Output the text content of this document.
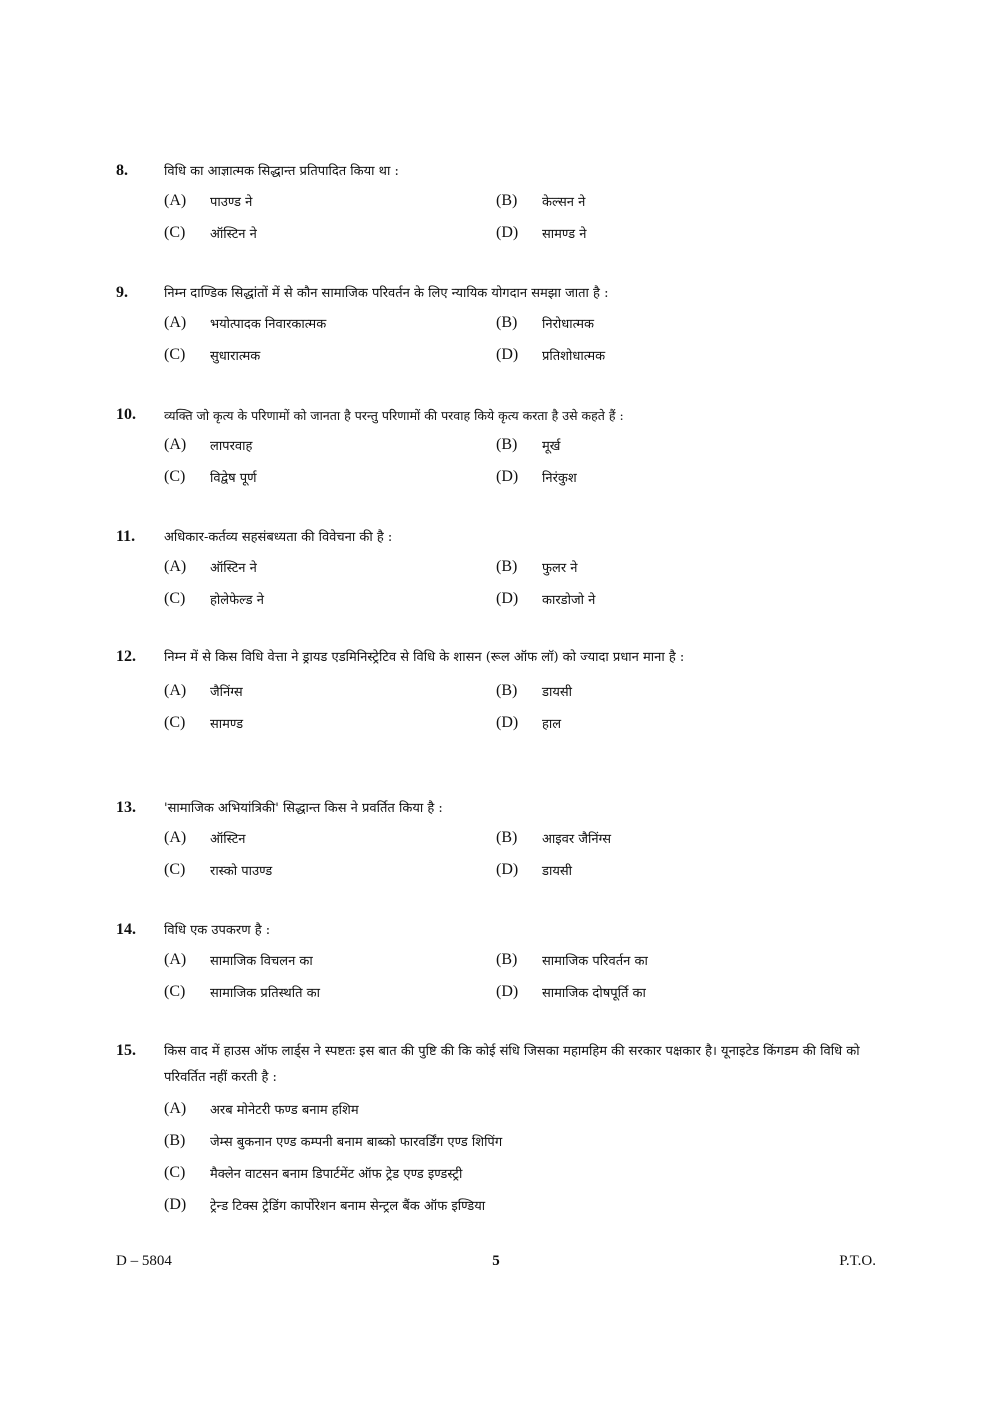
8.	विधि का आज्ञात्मक सिद्धान्त प्रतिपादित किया था :
(A)	पाउण्ड ने	(B)	केल्सन ने
(C)	ऑस्टिन ने	(D)	सामण्ड ने
9.	निम्न दाण्डिक सिद्धांतों में से कौन सामाजिक परिवर्तन के लिए न्यायिक योगदान समझा जाता है :
(A)	भयोत्पादक निवारकात्मक	(B)	निरोधात्मक
(C)	सुधारात्मक	(D)	प्रतिशोधात्मक
10.	व्यक्ति जो कृत्य के परिणामों को जानता है परन्तु परिणामों की परवाह किये कृत्य करता है उसे कहते हैं :
(A)	लापरवाह	(B)	मूर्ख
(C)	विद्वेष पूर्ण	(D)	निरंकुश
11.	अधिकार-कर्तव्य सहसंबध्यता की विवेचना की है :
(A)	ऑस्टिन ने	(B)	फुलर ने
(C)	होलेफेल्ड ने	(D)	कारडोजो ने
12.	निम्न में से किस विधि वेत्ता ने ड्रायड एडमिनिस्ट्रेटिव से विधि के शासन (रूल ऑफ लॉ) को ज्यादा प्रधान माना है :
(A)	जैनिंग्स	(B)	डायसी
(C)	सामण्ड	(D)	हाल
13.	'सामाजिक अभियांत्रिकी' सिद्धान्त किस ने प्रवर्तित किया है :
(A)	ऑस्टिन	(B)	आइवर जैनिंग्स
(C)	रास्को पाउण्ड	(D)	डायसी
14.	विधि एक उपकरण है :
(A)	सामाजिक विचलन का	(B)	सामाजिक परिवर्तन का
(C)	सामाजिक प्रतिस्थति का	(D)	सामाजिक दोषपूर्ति का
15.	किस वाद में हाउस ऑफ लार्ड्स ने स्पष्टतः इस बात की पुष्टि की कि कोई संधि जिसका महामहिम की सरकार पक्षकार है। यूनाइटेड किंगडम की विधि को परिवर्तित नहीं करती है :
(A)	अरब मोनेटरी फण्ड बनाम हशिम
(B)	जेम्स बुकनान एण्ड कम्पनी बनाम बाब्को फारवर्डिंग एण्ड शिपिंग
(C)	मैक्लेन वाटसन बनाम डिपार्टमेंट ऑफ ट्रेड एण्ड इण्डस्ट्री
(D)	ट्रेन्ड टिक्स ट्रेडिंग कार्पोरेशन बनाम सेन्ट्रल बैंक ऑफ इण्डिया
D – 5804	5	P.T.O.
